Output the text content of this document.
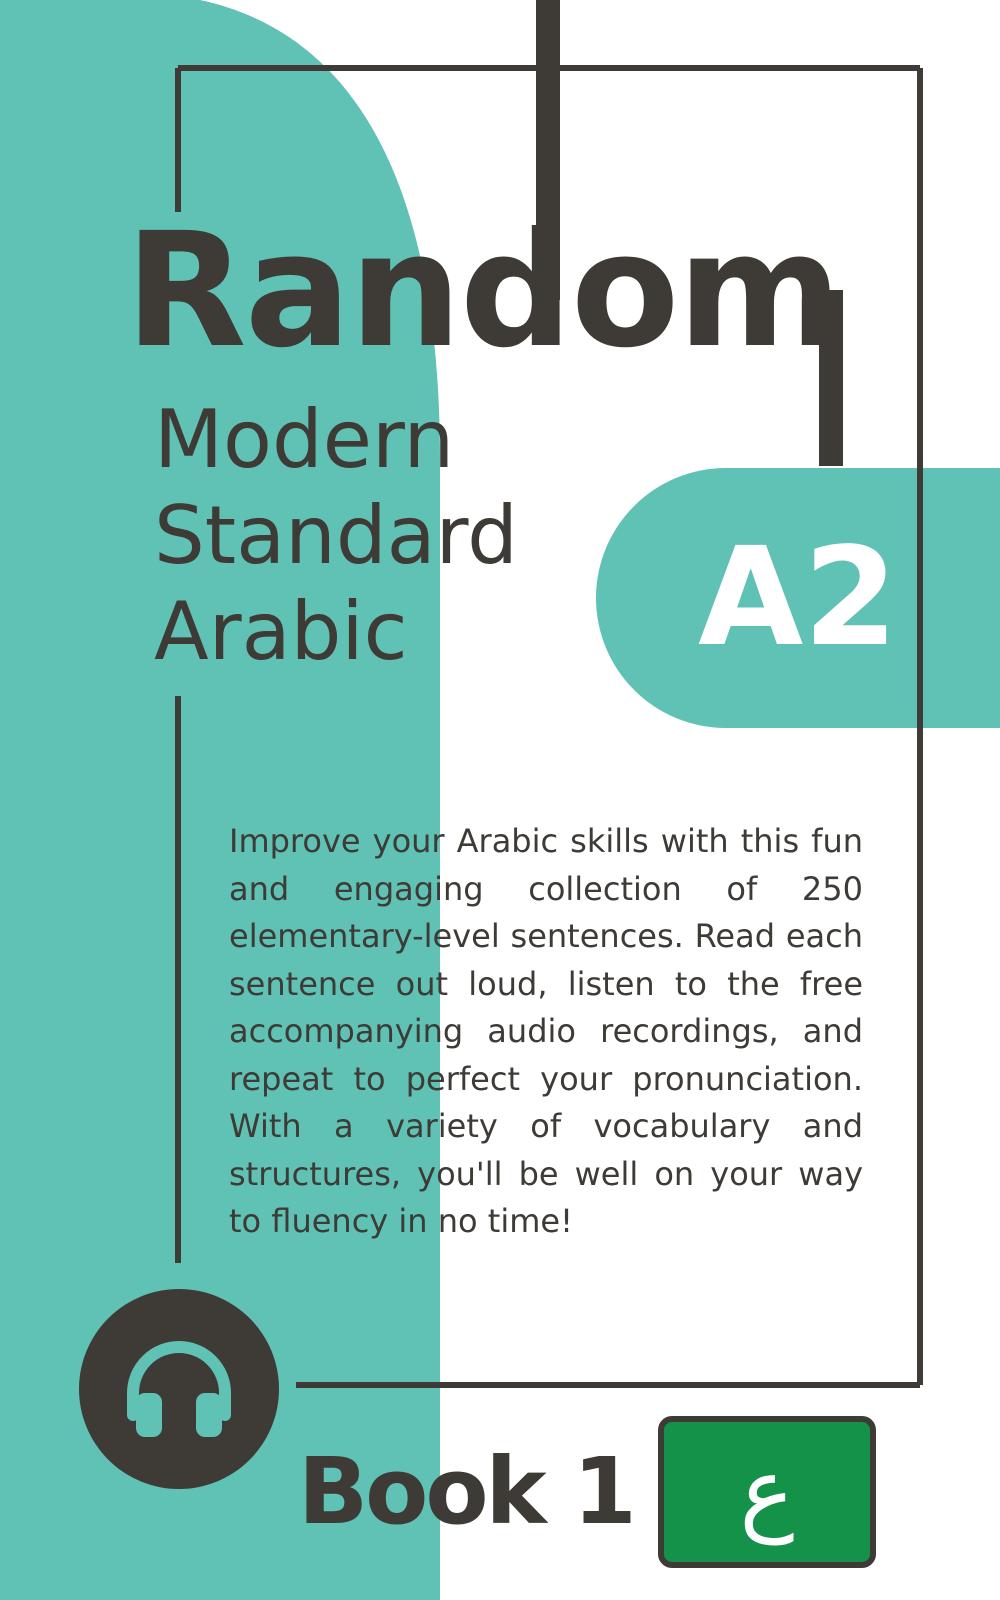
Random
Modern
Standard
Arabic	A2

Improve your Arabic skills with this fun and engaging collection of 250 elementary-level sentences. Read each sentence out loud, listen to the free accompanying audio recordings, and repeat to perfect your pronunciation. With a variety of vocabulary and structures, you'll be well on your way to fluency in no time!

Book 1 ع
